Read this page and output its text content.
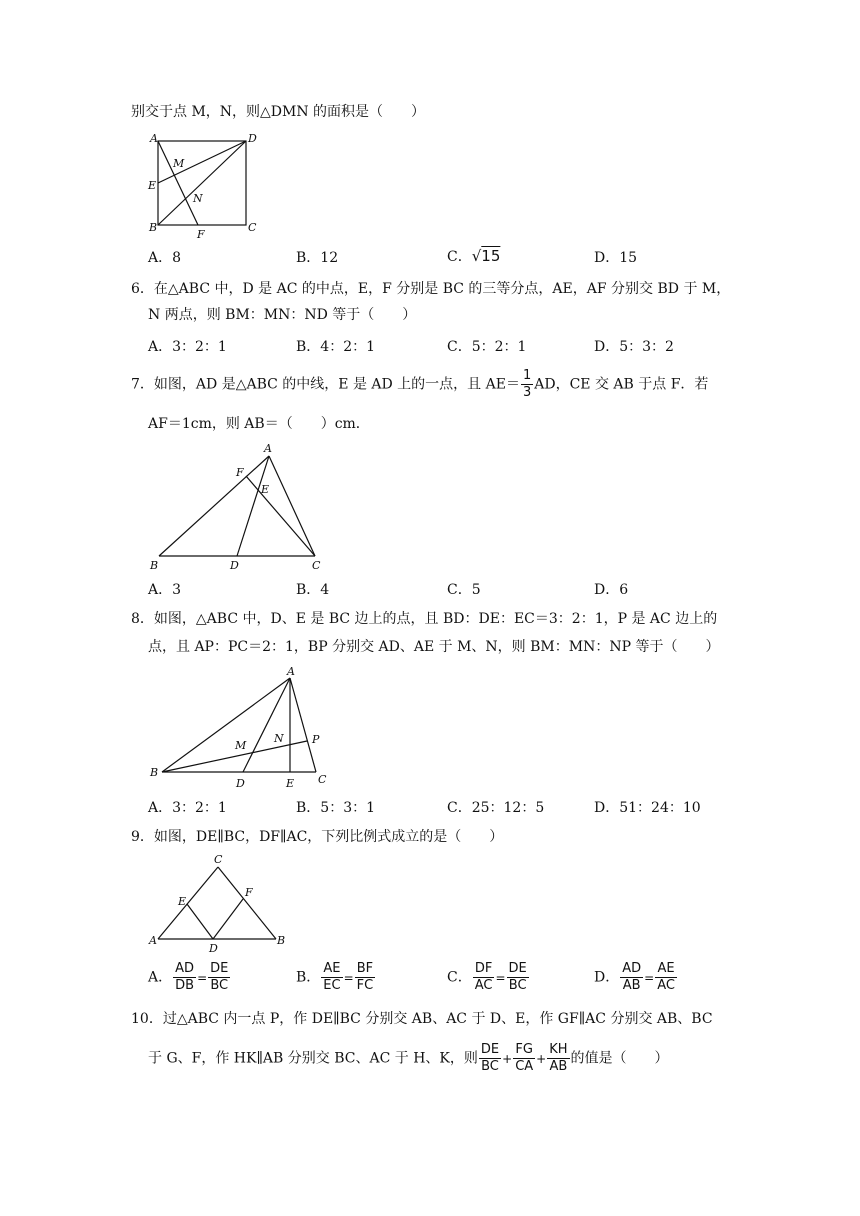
别交于点 M，N，则△DMN 的面积是（　　）
A	D
M
E
N
B
F
C
A．8	B．12	C．√15	D．15
6．在△ABC 中，D 是 AC 的中点，E，F 分别是 BC 的三等分点，AE，AF 分别交 BD 于 M，
N 两点，则 BM：MN：ND 等于（　　）
A．3：2：1	B．4：2：1	C．5：2：1	D．5：3：2
7．如图，AD 是△ABC 的中线，E 是 AD 上的一点，且 $AE= \frac{1}{3}$ AD，CE 交 AB 于点 F．若
AF＝1cm，则 AB＝（　　）cm．
A
F
E
B	D	C
A．3	B．4	C．5	D．6
8．如图，△ABC 中，D、E 是 BC 边上的点，且 BD：DE：EC＝3：2：1，P 是 AC 边上的
点，且 AP：PC＝2：1，BP 分别交 AD、AE 于 M、N，则 BM：MN：NP 等于（　　）
A
M
N	P
B
D	E C
A．3：2：1	B．5：3：1	C．25：12：5	D．51：24：10
9．如图，DE∥BC，DF∥AC，下列比例式成立的是（　　）
C
E
F
A
D
B
A． $\frac{AD}{DB} = \frac{DE}{BC}$	B． $\frac{AE}{EC} = \frac{BF}{FC}$	C． $\frac{DF}{AC} = \frac{DE}{BC}$	D． $\frac{AD}{AB} = \frac{AE}{AC}$
10．过△ABC 内一点 P，作 DE∥BC 分别交 AB、AC 于 D、E，作 GF∥AC 分别交 AB、BC
于 G、F，作 HK∥AB 分别交 BC、AC 于 H、K，则 $\frac{DE}{BC} + \frac{FG}{CA} + \frac{KH}{AB}$ 的值是（　　）
